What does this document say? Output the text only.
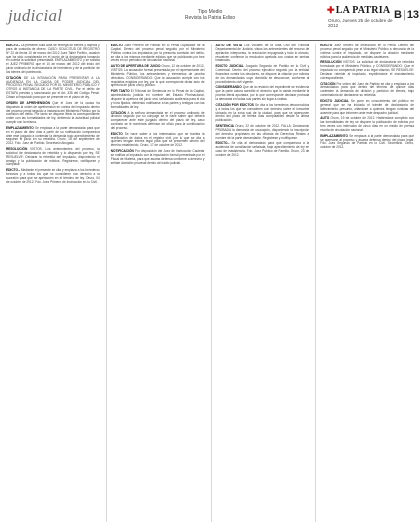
judicial	Tipo Medio
Revista la Patria Ediso
✚LA PATRIA
Oruro, Jueves 25 de octubre de 2012
B|13
EDICTO.- La presente Auto Acta de entrega de bienes y objetos y para de custodia de dinero. CASO: SOLICITUD DE REGISTRO Nº 22 de fecha 10 de marzo del 2012 Juez Taller Porfirio, ocasión que ha sido considerada en el punto de la declaratoria tomando en cuenta la solicitud presentada. EMPLAZAMIENTO y se solicita el JUEZ PRIMERO que el 10 de marzo del 2012 del inicio del juicio ordinario de la declaratoria de herederos y de la partición de los bienes del patrimonio.
CITACIÓN DE LA INTIMACIÓN PARA PRESENTAR A LA AUDIENCIA EN LA CAUSA DE PODER JUDICIAL DEL PROCESO PENAL SEGUIDO POR EL MINISTERIO PÚBLICO Y OTROS A INSTANCIA DE LA PARTE CIVIL. Por el delito de ESTAFA previsto y sancionado por el Art. 335 del Código Penal. Citase al imputado para que se presente en el plazo de ley.
ORDEN DE APREHENSIÓN Que el Juez de la causa ha dispuesto la orden de aprehensión en contra del imputado dentro del proceso penal seguido a instancia del Ministerio Público por la comisión del delito. Por tanto se dispone librar la correspondiente orden con las formalidades de ley, debiendo la autoridad policial cumplir con la misma.
EMPLAZAMIENTO Se emplaza a la parte demandada para que en el plazo de diez días a partir de su notificación comparezca ante este juzgado a contestar la demanda bajo apercibimiento de seguirse el juicio en su rebeldía. Oruro, 18 de septiembre de 2012. Fdo. Juez de Partido. Secretario Abogado.
RESOLUCIÓN VISTOS: Los antecedentes del proceso, la solicitud de declaratoria de rebeldía y lo dispuesto por ley, SE RESUELVE: Declarar la rebeldía del imputado, disponiendo el arraigo y la publicación de edictos. Regístrese, notifíquese y cúmplase.
EDICTO.- Mediante el presente se cita y emplaza a los herederos forzosos y a todos los que se consideren con derecho a la sucesión para que se apersonen en el término de ley. Oruro, 04 de octubre de 2012. Fdo. Juez Primero de Instrucción en lo Civil.
EDICTO Juez Primero de Partido en lo Penal Liquidador de la Capital. Dentro del proceso penal seguido por el Ministerio Público contra los imputados por la presunta comisión del delito, se cita a los mismos mediante edictos que se publicarán por tres veces en un periódico de circulación nacional.
AUTO DE APERTURA DE JUICIO Oruro, 12 de octubre de 2012. VISTOS: La acusación formal presentada por el representante del Ministerio Público, los antecedentes y elementos de prueba ofrecidos. CONSIDERANDO: Que la acusación cumple con los requisitos exigidos por ley, por lo que corresponde dictar auto de apertura de juicio oral y público.
POR TANTO El Tribunal de Sentencia en lo Penal de la Capital, administrando justicia en nombre del Estado Plurinacional, dispone la apertura del juicio oral, señalando audiencia para el día y hora fijados, debiendo notificarse a las partes y testigos con las formalidades de ley.
CITACIÓN A la señora demandada en el proceso ordinario de divorcio seguido por su cónyuge se le hace saber que deberá comparecer ante este juzgado dentro del plazo de ley, caso contrario se le nombrará defensor de oficio para la continuación del proceso.
EDICTO Se hace saber a los interesados que se tramita la rectificación de datos en el registro civil, por lo que se cita a quienes tengan interés legal para que se presenten dentro del término establecido. Oruro, 17 de octubre de 2012.
NOTIFICACIÓN Por disposición del Juez de Instrucción Cautelar se notifica al imputado con la imputación formal presentada por el Fiscal de Materia, para que asuma defensa conforme a derecho y señale domicilio procesal dentro del radio judicial.
AUTO DE VISTA Los Vocales de la Sala Civil del Tribunal Departamental de Justicia, vistos los antecedentes del recurso de apelación interpuesto, la resolución impugnada y todo lo obrado, resuelven confirmar la resolución apelada con costas en ambas instancias.
EDICTO JUDICIAL Juzgado Segundo de Partido en lo Civil y Comercial. Dentro del proceso ejecutivo seguido por la entidad financiera contra los deudores, se dispone la citación por edictos de los demandados cuyo domicilio se desconoce, conforme al procedimiento civil vigente.
CONSIDERANDO Que de la revisión del expediente se evidencia que la parte actora acreditó el derecho que le asiste mediante la prueba literal aportada, por lo que corresponde declarar probada la demanda en todas sus partes sin lugar a costas.
CITACIÓN POR EDICTOS Se cita a los herederos desconocidos y a todos los que se consideren con derecho sobre el inmueble ubicado en la zona sud de la ciudad, para que se apersonen dentro del plazo de treinta días computables desde la última publicación.
SENTENCIA Oruro, 22 de octubre de 2012. FALLA: Declarando PROBADA la demanda de usucapión, disponiendo la inscripción del derecho propietario en las oficinas de Derechos Reales a nombre de la parte demandante. Regístrese y notifíquese.
EDICTO.- Se cita al demandado para que comparezca a la audiencia de conciliación señalada, bajo apercibimiento de ley en caso de inasistencia. Fdo. Juez Público de Familia. Oruro, 23 de octubre de 2012.
EDICTO Juez Tercero de Instrucción en lo Penal. Dentro del proceso penal seguido por el Ministerio Público a denuncia de la víctima contra el imputado, se dispone la citación mediante edictos para la audiencia de medidas cautelares.
RESOLUCIÓN VISTOS: La solicitud de declaratoria de rebeldía formulada por el Ministerio Público, y CONSIDERANDO: Que el imputado no compareció pese a su legal citación, SE RESUELVE: Declarar rebelde al imputado, expidiéndose el mandamiento correspondiente.
CITACIÓN Por orden del Juez de Partido se cita y emplaza a los demandados para que dentro del término de quince días contesten la demanda de división y partición de bienes, bajo conminatoria de declararse su rebeldía.
EDICTO JUDICIAL Se pone en conocimiento del público en general que se ha iniciado el trámite de declaratoria de fallecimiento presunto, citándose a quienes tengan noticias del ausente para que informen ante este despacho judicial.
AUTO Oruro, 19 de octubre de 2012. Habiéndose cumplido con las formalidades de ley se dispone la publicación de edictos por tres veces con intervalos de cinco días en un medio de prensa escrita de circulación nacional.
EMPLAZAMIENTO Se emplaza a la parte demandada para que se apersone al proceso y asuma defensa dentro del plazo legal. Fdo. Juez Segundo de Partido en lo Civil. Secretario. Oruro, octubre de 2012.
